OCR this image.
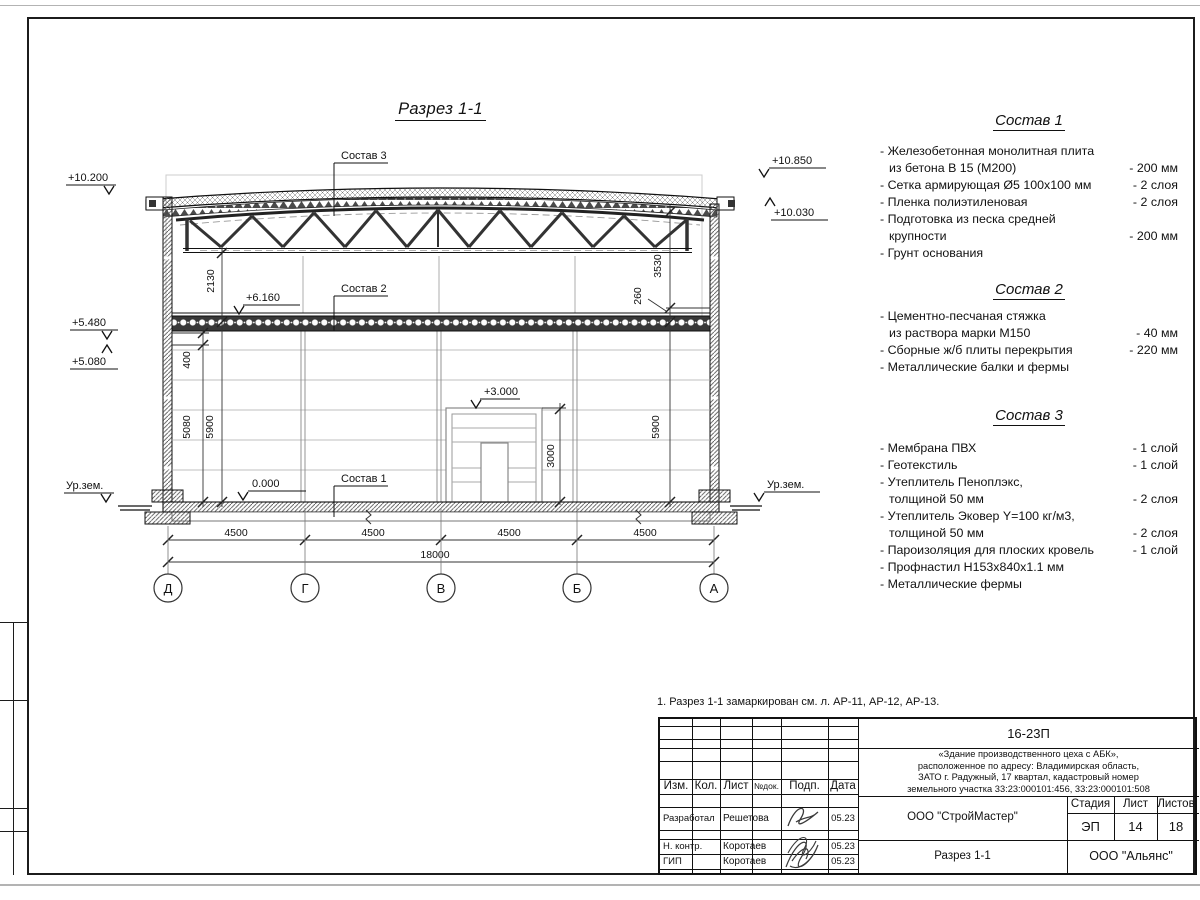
4500	4500	4500	4500
18000
400
5080 5900
2130
3530
260
5900
3000
Д	Г	В	Б	А
+10.200
+5.480
+5.080
Ур.зем.	0.000
+6.160
+3.000
+10.850
+10.030
Ур.зем.
Состав 3
Состав 2
Состав 1
Разрез 1-1
Состав 1
- Железобетонная монолитная плита
из бетона В 15 (М200)	- 200 мм
- Сетка армирующая Ø5 100х100 мм	- 2 слоя
- Пленка полиэтиленовая	- 2 слоя
- Подготовка из песка средней
крупности	- 200 мм
- Грунт основания
Состав 2
- Цементно-песчаная стяжка
из раствора марки М150	- 40 мм
- Сборные ж/б плиты перекрытия	- 220 мм
- Металлические балки и фермы
Состав 3
- Мембрана ПВХ	- 1 слой
- Геотекстиль	- 1 слой
- Утеплитель Пеноплэкс,
толщиной 50 мм	- 2 слоя
- Утеплитель Эковер Y=100 кг/м3,
толщиной 50 мм	- 2 слоя
- Пароизоляция для плоских кровель	- 1 слой
- Профнастил Н153х840х1.1 мм
- Металлические фермы
1. Разрез 1-1 замаркирован см. л. АР-11, АР-12, АР-13.
Изм. Кол. Лист №док. Подп. Дата
Разработал Решетова	05.23
Н. контр.	Коротаев	05.23
ГИП	Коротаев	05.23
16-23П
«Здание производственного цеха с АБК»,
расположенное по адресу: Владимирская область,
ЗАТО г. Радужный, 17 квартал, кадастровый номер
земельного участка 33:23:000101:456, 33:23:000101:508
ООО "СтройМастер"
Разрез 1-1
Стадия	Лист Листов
ЭП	14	18
ООО "Альянс"
